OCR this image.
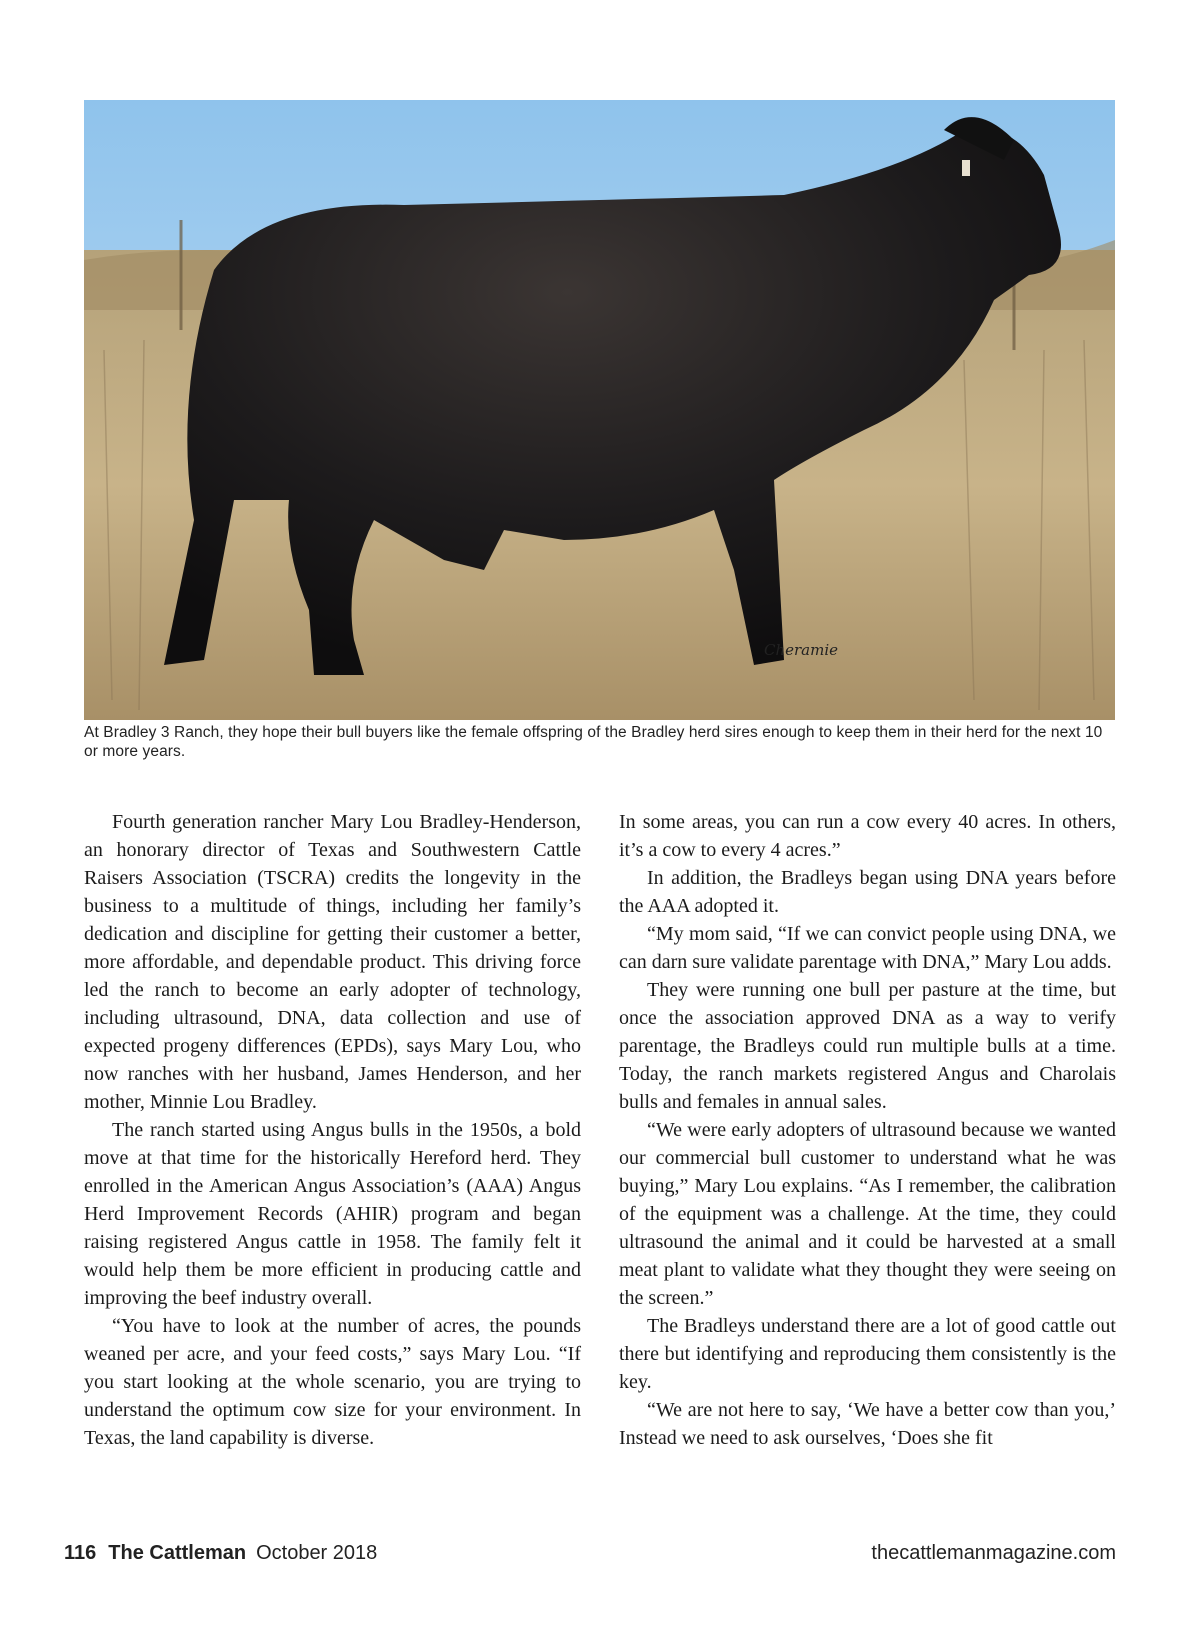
Cheramie

At Bradley 3 Ranch, they hope their bull buyers like the female offspring of the Bradley herd sires enough to keep them in their herd for the next 10 or more years.

Fourth generation rancher Mary Lou Bradley-Henderson, an honorary director of Texas and Southwestern Cattle Raisers Association (TSCRA) credits the longevity in the business to a multitude of things, including her family’s dedication and discipline for getting their customer a better, more affordable, and dependable product. This driving force led the ranch to become an early adopter of technology, including ultrasound, DNA, data collection and use of expected progeny differences (EPDs), says Mary Lou, who now ranches with her husband, James Henderson, and her mother, Minnie Lou Bradley.

The ranch started using Angus bulls in the 1950s, a bold move at that time for the historically Hereford herd. They enrolled in the American Angus Association’s (AAA) Angus Herd Improvement Records (AHIR) program and began raising registered Angus cattle in 1958. The family felt it would help them be more efficient in producing cattle and improving the beef industry overall.

“You have to look at the number of acres, the pounds weaned per acre, and your feed costs,” says Mary Lou. “If you start looking at the whole scenario, you are trying to understand the optimum cow size for your environment. In Texas, the land capability is diverse.

In some areas, you can run a cow every 40 acres. In others, it’s a cow to every 4 acres.”

In addition, the Bradleys began using DNA years before the AAA adopted it.

“My mom said, “If we can convict people using DNA, we can darn sure validate parentage with DNA,” Mary Lou adds.

They were running one bull per pasture at the time, but once the association approved DNA as a way to verify parentage, the Bradleys could run multiple bulls at a time. Today, the ranch markets registered Angus and Charolais bulls and females in annual sales.

“We were early adopters of ultrasound because we wanted our commercial bull customer to understand what he was buying,” Mary Lou explains. “As I remember, the calibration of the equipment was a challenge. At the time, they could ultrasound the animal and it could be harvested at a small meat plant to validate what they thought they were seeing on the screen.”

The Bradleys understand there are a lot of good cattle out there but identifying and reproducing them consistently is the key.

“We are not here to say, ‘We have a better cow than you,’ Instead we need to ask ourselves, ‘Does she fit

116 The Cattleman October 2018	thecattlemanmagazine.com
